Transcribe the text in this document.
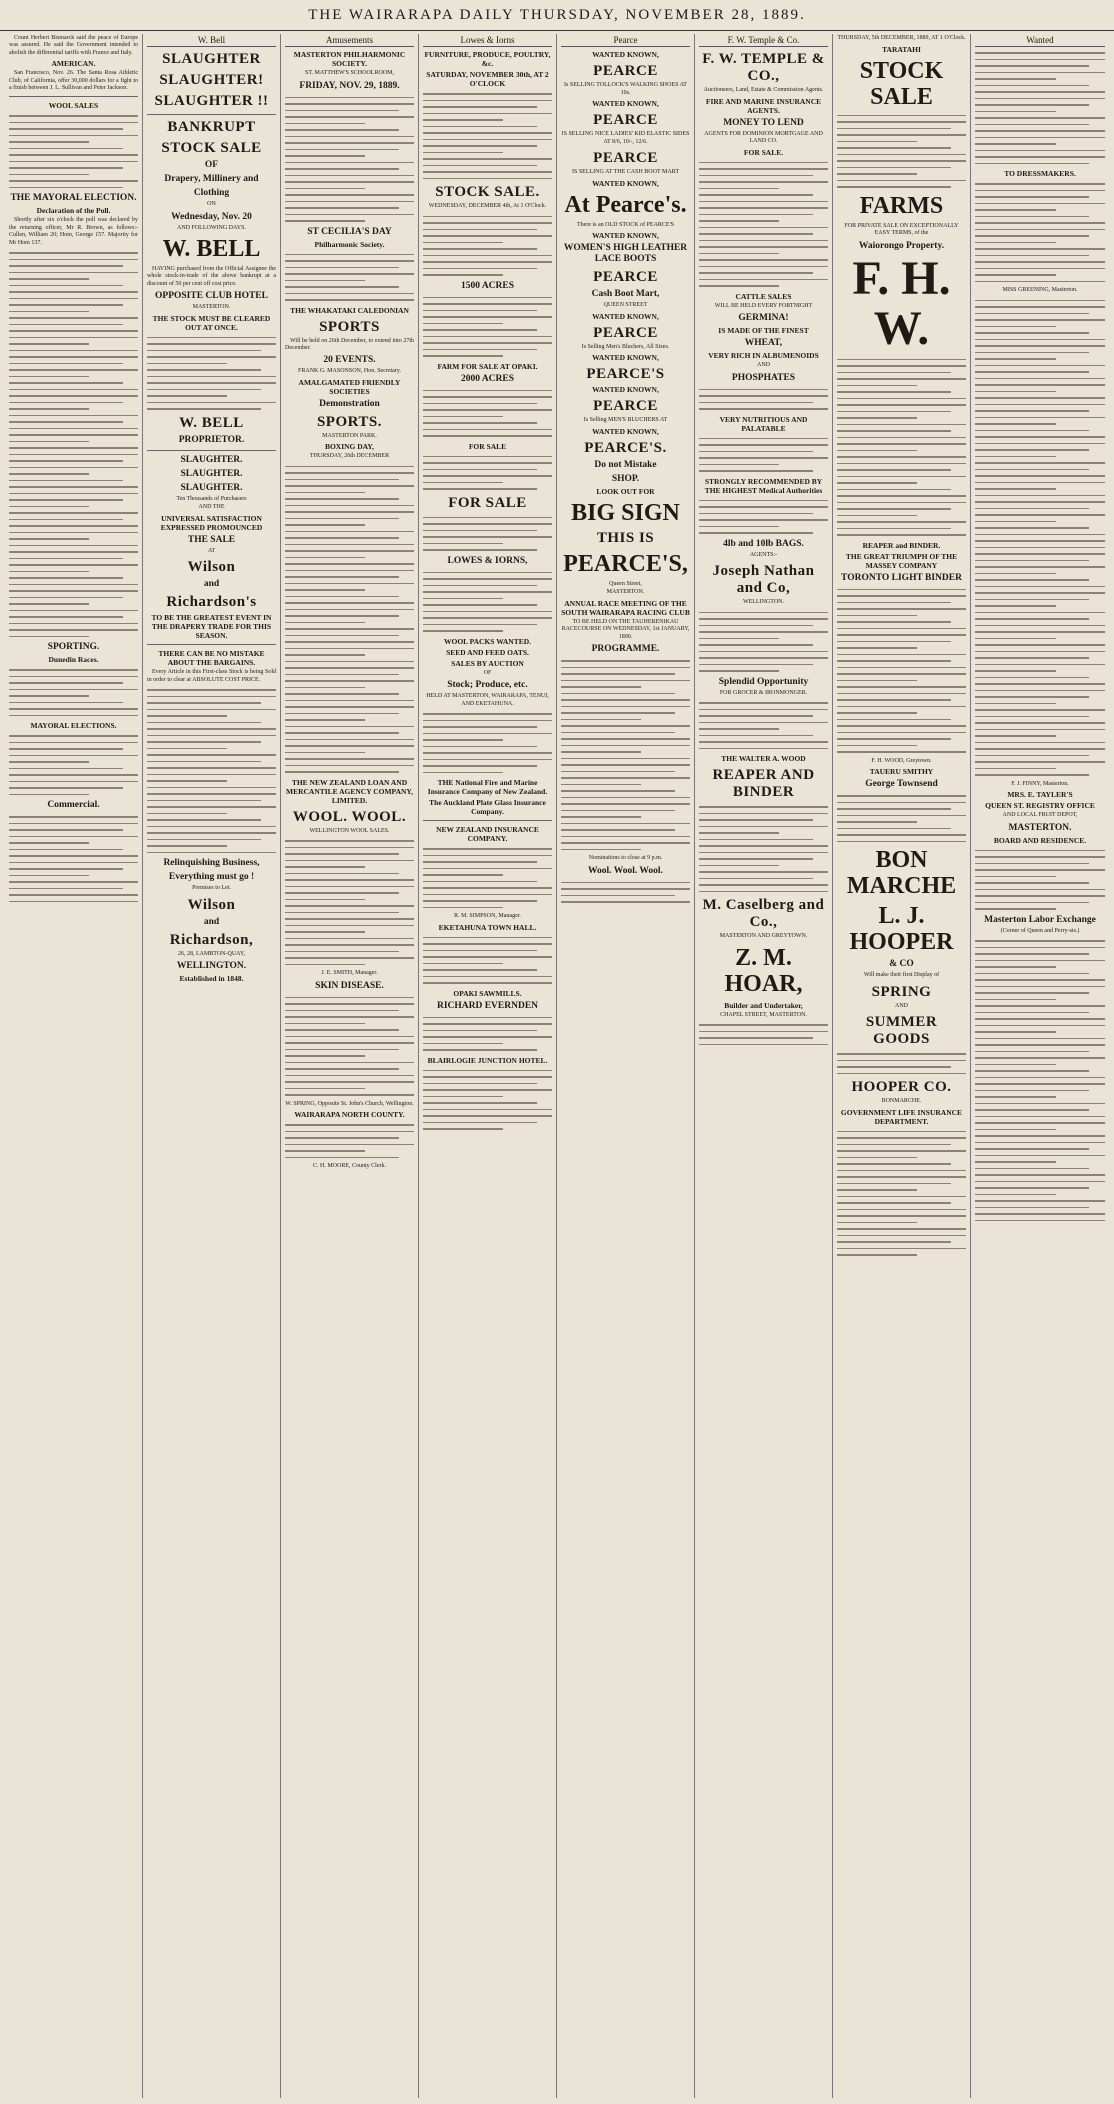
THE WAIRARAPA DAILY THURSDAY, NOVEMBER 28, 1889.
Count Herbert Bismarck said the peace of Europe was assured. He said the Government intended to abolish the differential tariffs with France and Italy.
AMERICAN.
San Francisco, Nov. 26. The Santa Rosa Athletic Club, of California, offer 30,000 dollars for a fight to a finish between J. L. Sullivan and Peter Jackson.
WOOL SALES
THE MAYORAL ELECTION.
Declaration of the Poll.
Shortly after six o'clock the poll was declared by the returning officer, Mr R. Brown, as follows:- Cullen, William 20; Hom, George 157. Majority for Mr Hom 137.
SPORTING.
Dunedin Races.
MAYORAL ELECTIONS.
Commercial.
W. Bell
SLAUGHTER
SLAUGHTER!
SLAUGHTER !!
BANKRUPT
STOCK SALE
OF
Drapery, Millinery and
Clothing
ON
Wednesday, Nov. 20
AND FOLLOWING DAYS.
W. BELL
HAVING purchased from the Official Assignee the whole stock-in-trade of the above bankrupt at a discount of 50 per cent off cost price.
OPPOSITE CLUB HOTEL
MASTERTON.
THE STOCK MUST BE CLEARED OUT AT ONCE.
W. BELL
PROPRIETOR.
SLAUGHTER.
SLAUGHTER.
SLAUGHTER.
Ten Thousands of Purchasers
AND THE
UNIVERSAL SATISFACTION EXPRESSED PROMOUNCED
THE SALE
AT
Wilson
and
Richardson's
TO BE THE GREATEST EVENT IN THE DRAPERY TRADE FOR THIS SEASON.
THERE CAN BE NO MISTAKE ABOUT THE BARGAINS.
Every Article in this First-class Stock is being Sold in order to clear at ABSOLUTE COST PRICE.
Relinquishing Business,
Everything must go !
Premises to Let.
Wilson
and
Richardson,
26, 28, LAMBTON-QUAY,
WELLINGTON.
Established in 1848.
Amusements
MASTERTON PHILHARMONIC SOCIETY.
ST. MATTHEW'S SCHOOLROOM,
FRIDAY, NOV. 29, 1889.
ST CECILIA'S DAY
Philharmonic Society.
THE WHAKATAKI CALEDONIAN
SPORTS
Will be held on 26th December, to extend into 27th December.
20 EVENTS.
FRANK G. MASONSON, Hon. Secretary.
AMALGAMATED FRIENDLY SOCIETIES
Demonstration
SPORTS.
MASTERTON PARK.
BOXING DAY,
THURSDAY, 26th DECEMBER
THE NEW ZEALAND LOAN AND MERCANTILE AGENCY COMPANY, LIMITED.
WOOL. WOOL.
WELLINGTON WOOL SALES.
J. E. SMITH, Manager.
SKIN DISEASE.
W. SPRING, Opposite St. John's Church, Wellington.
WAIRARAPA NORTH COUNTY.
C. H. MOORE, County Clerk.
Lowes & Iorns
FURNITURE, PRODUCE, POULTRY, &c.
SATURDAY, NOVEMBER 30th, AT 2 O'CLOCK
STOCK SALE.
WEDNESDAY, DECEMBER 4th, At 1 O'Clock.
1500 ACRES
FARM FOR SALE AT OPAKI.
2000 ACRES
FOR SALE
FOR SALE
LOWES & IORNS,
WOOL PACKS WANTED.
SEED AND FEED OATS.
SALES BY AUCTION
OF
Stock; Produce, etc.
HELD AT MASTERTON, WAIRARAPA, TENUI, AND EKETAHUNA.
THE National Fire and Marine Insurance Company of New Zealand.
The Auckland Plate Glass Insurance Company.
NEW ZEALAND INSURANCE COMPANY.
R. M. SIMPSON, Manager.
EKETAHUNA TOWN HALL.
OPAKI SAWMILLS.
RICHARD EVERNDEN
BLAIRLOGIE JUNCTION HOTEL.
Pearce
WANTED KNOWN,
PEARCE
Is SELLING TOLLOCK'S WALKING SHOES AT 10s.
WANTED KNOWN,
PEARCE
IS SELLING NICE LADIES' KID ELASTIC SIDES AT 8/6, 10/-, 12/6.
PEARCE
IS SELLING AT THE CASH BOOT MART
WANTED KNOWN,
At Pearce's.
There is an OLD STOCK of PEARCE'S
WANTED KNOWN,
WOMEN'S HIGH LEATHER LACE BOOTS
PEARCE
Cash Boot Mart,
QUEEN STREET
WANTED KNOWN,
PEARCE
Is Selling Men's Bluchers, All Sizes.
WANTED KNOWN,
PEARCE'S
WANTED KNOWN,
PEARCE
Is Selling MEN'S BLUCHERS AT
WANTED KNOWN,
PEARCE'S.
Do not Mistake
SHOP.
LOOK OUT FOR
BIG SIGN
THIS IS
PEARCE'S,
Queen Street,
MASTERTON.
ANNUAL RACE MEETING OF THE SOUTH WAIRARAPA RACING CLUB
TO BE HELD ON THE TAUHERENIKAU RACECOURSE ON WEDNESDAY, 1st JANUARY, 1890.
PROGRAMME.
Nominations to close at 9 p.m.
Wool. Wool. Wool.
F. W. Temple & Co.
F. W. TEMPLE & CO.,
Auctioneers, Land, Estate & Commission Agents.
FIRE AND MARINE INSURANCE AGENTS.
MONEY TO LEND
AGENTS FOR DOMINION MORTGAGE AND LAND CO.
FOR SALE.
CATTLE SALES
WILL BE HELD EVERY FORTNIGHT
GERMINA!
IS MADE OF THE FINEST
WHEAT,
VERY RICH IN ALBUMENOIDS
AND
PHOSPHATES
VERY NUTRITIOUS AND PALATABLE
STRONGLY RECOMMENDED BY THE HIGHEST Medical Authorities
4lb and 10lb BAGS.
AGENTS:-
Joseph Nathan and Co,
WELLINGTON.
Splendid Opportunity
FOR GROCER & IRONMONGER.
THE WALTER A. WOOD
REAPER AND BINDER
M. Caselberg and Co.,
MASTERTON AND GREYTOWN.
Z. M. HOAR,
Builder and Undertaker,
CHAPEL STREET, MASTERTON.
THURSDAY, 5th DECEMBER, 1889, AT 1 O'Clock.
TARATAHI
STOCK SALE
FARMS
FOR PRIVATE SALE ON EXCEPTIONALLY EASY TERMS, of the
Waiorongo Property.
F. H. W.
REAPER and BINDER.
THE GREAT TRIUMPH OF THE MASSEY COMPANY
TORONTO LIGHT BINDER
F. H. WOOD, Greytown.
TAUERU SMITHY
George Townsend
BON MARCHE
L. J. HOOPER
& CO
Will make their first Display of
SPRING
AND
SUMMER GOODS
HOOPER CO.
BONMARCHE.
GOVERNMENT LIFE INSURANCE DEPARTMENT.
Wanted
TO DRESSMAKERS.
MISS GREENING, Masterton.
F. J. FINNY, Masterton.
MRS. E. TAYLER'S
QUEEN ST. REGISTRY OFFICE
AND LOCAL FRUIT DEPOT,
MASTERTON.
BOARD AND RESIDENCE.
Masterton Labor Exchange
(Corner of Queen and Perry-sts.)
